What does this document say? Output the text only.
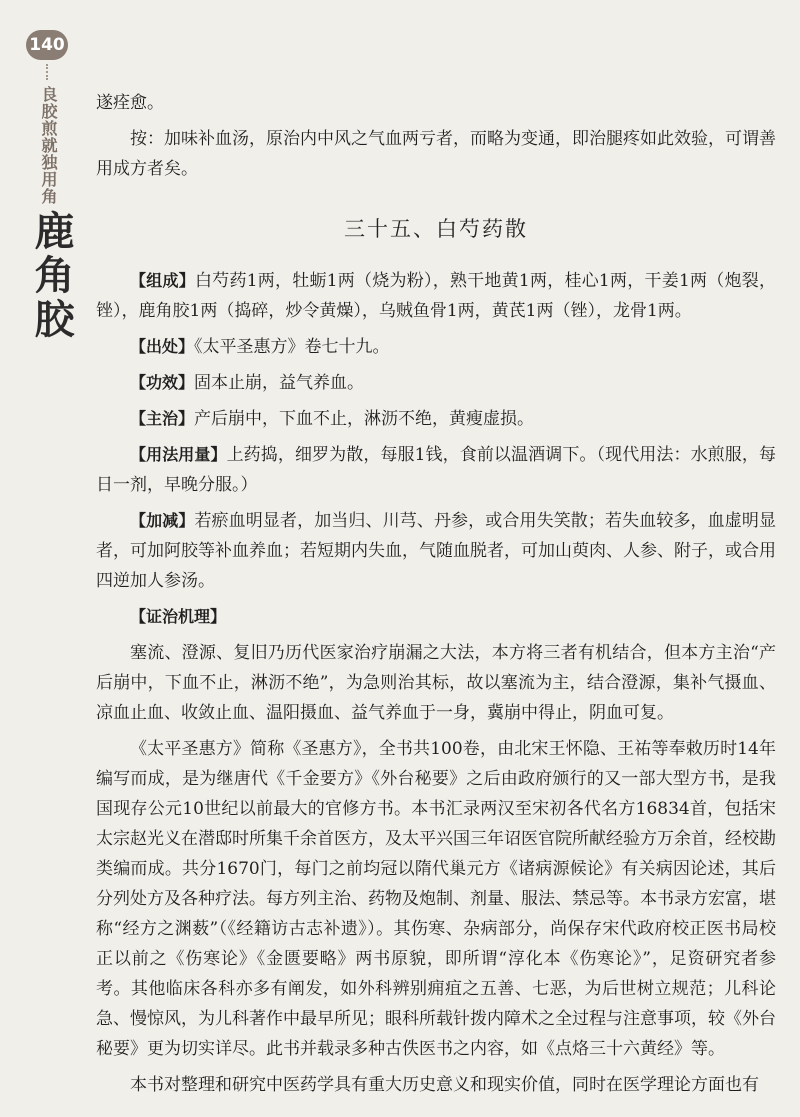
140
良胶煎就独用角
鹿角胶

遂痊愈。

按：加味补血汤，原治内中风之气血两亏者，而略为变通，即治腿疼如此效验，可谓善用成方者矣。

三十五、白芍药散

【组成】白芍药1两，牡蛎1两（烧为粉），熟干地黄1两，桂心1两，干姜1两（炮裂，锉），鹿角胶1两（捣碎，炒令黄燥），乌贼鱼骨1两，黄芪1两（锉），龙骨1两。

【出处】《太平圣惠方》卷七十九。

【功效】固本止崩，益气养血。

【主治】产后崩中，下血不止，淋沥不绝，黄瘦虚损。

【用法用量】上药捣，细罗为散，每服1钱，食前以温酒调下。（现代用法：水煎服，每日一剂，早晚分服。）

【加减】若瘀血明显者，加当归、川芎、丹参，或合用失笑散；若失血较多，血虚明显者，可加阿胶等补血养血；若短期内失血，气随血脱者，可加山萸肉、人参、附子，或合用四逆加人参汤。

【证治机理】

塞流、澄源、复旧乃历代医家治疗崩漏之大法，本方将三者有机结合，但本方主治“产后崩中，下血不止，淋沥不绝”，为急则治其标，故以塞流为主，结合澄源，集补气摄血、凉血止血、收敛止血、温阳摄血、益气养血于一身，冀崩中得止，阴血可复。

《太平圣惠方》简称《圣惠方》，全书共100卷，由北宋王怀隐、王祐等奉敕历时14年编写而成，是为继唐代《千金要方》《外台秘要》之后由政府颁行的又一部大型方书，是我国现存公元10世纪以前最大的官修方书。本书汇录两汉至宋初各代名方16834首，包括宋太宗赵光义在潜邸时所集千余首医方，及太平兴国三年诏医官院所献经验方万余首，经校勘类编而成。共分1670门，每门之前均冠以隋代巢元方《诸病源候论》有关病因论述，其后分列处方及各种疗法。每方列主治、药物及炮制、剂量、服法、禁忌等。本书录方宏富，堪称“经方之渊薮”（《经籍访古志补遗》）。其伤寒、杂病部分，尚保存宋代政府校正医书局校正以前之《伤寒论》《金匮要略》两书原貌，即所谓“淳化本《伤寒论》”，足资研究者参考。其他临床各科亦多有阐发，如外科辨别痈疽之五善、七恶，为后世树立规范；儿科论急、慢惊风，为儿科著作中最早所见；眼科所载针拨内障术之全过程与注意事项，较《外台秘要》更为切实详尽。此书并载录多种古佚医书之内容，如《点烙三十六黄经》等。

本书对整理和研究中医药学具有重大历史意义和现实价值，同时在医学理论方面也有
